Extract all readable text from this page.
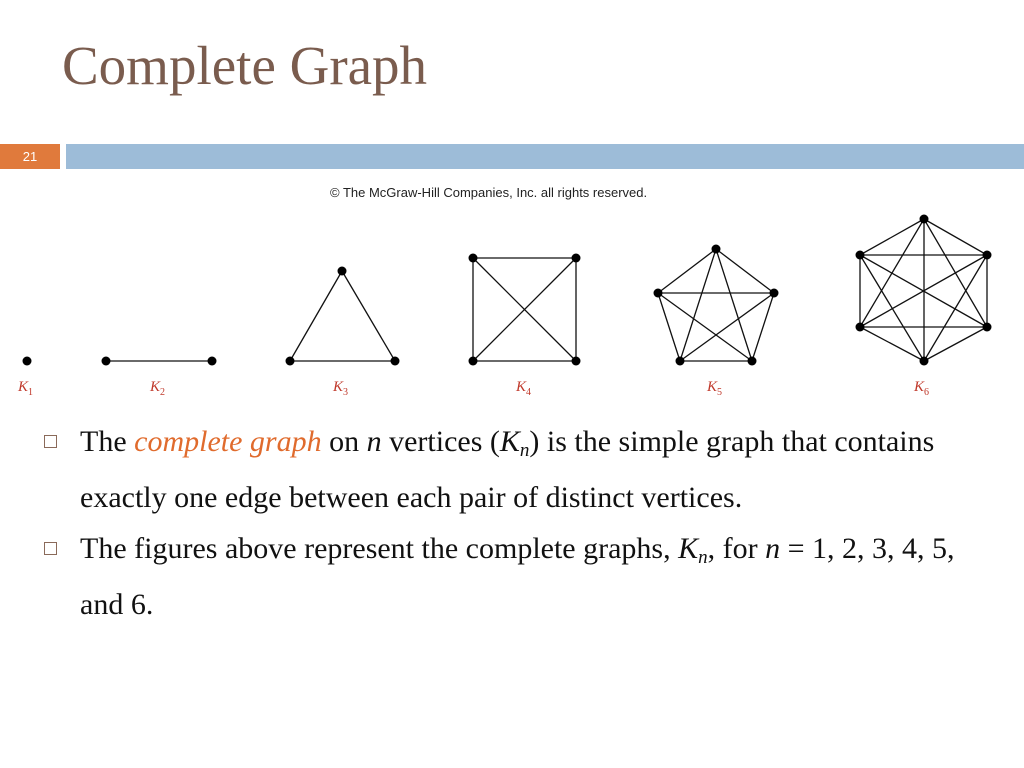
Complete Graph
21
© The McGraw-Hill Companies, Inc. all rights reserved.
$K_1$	$K_2$	$K_3$	$K_4$	$K_5$	$K_6$
The complete graph on n vertices (Kn) is the simple graph that contains exactly one edge between each pair of distinct vertices.
The figures above represent the complete graphs, Kn, for n = 1, 2, 3, 4, 5, and 6.
